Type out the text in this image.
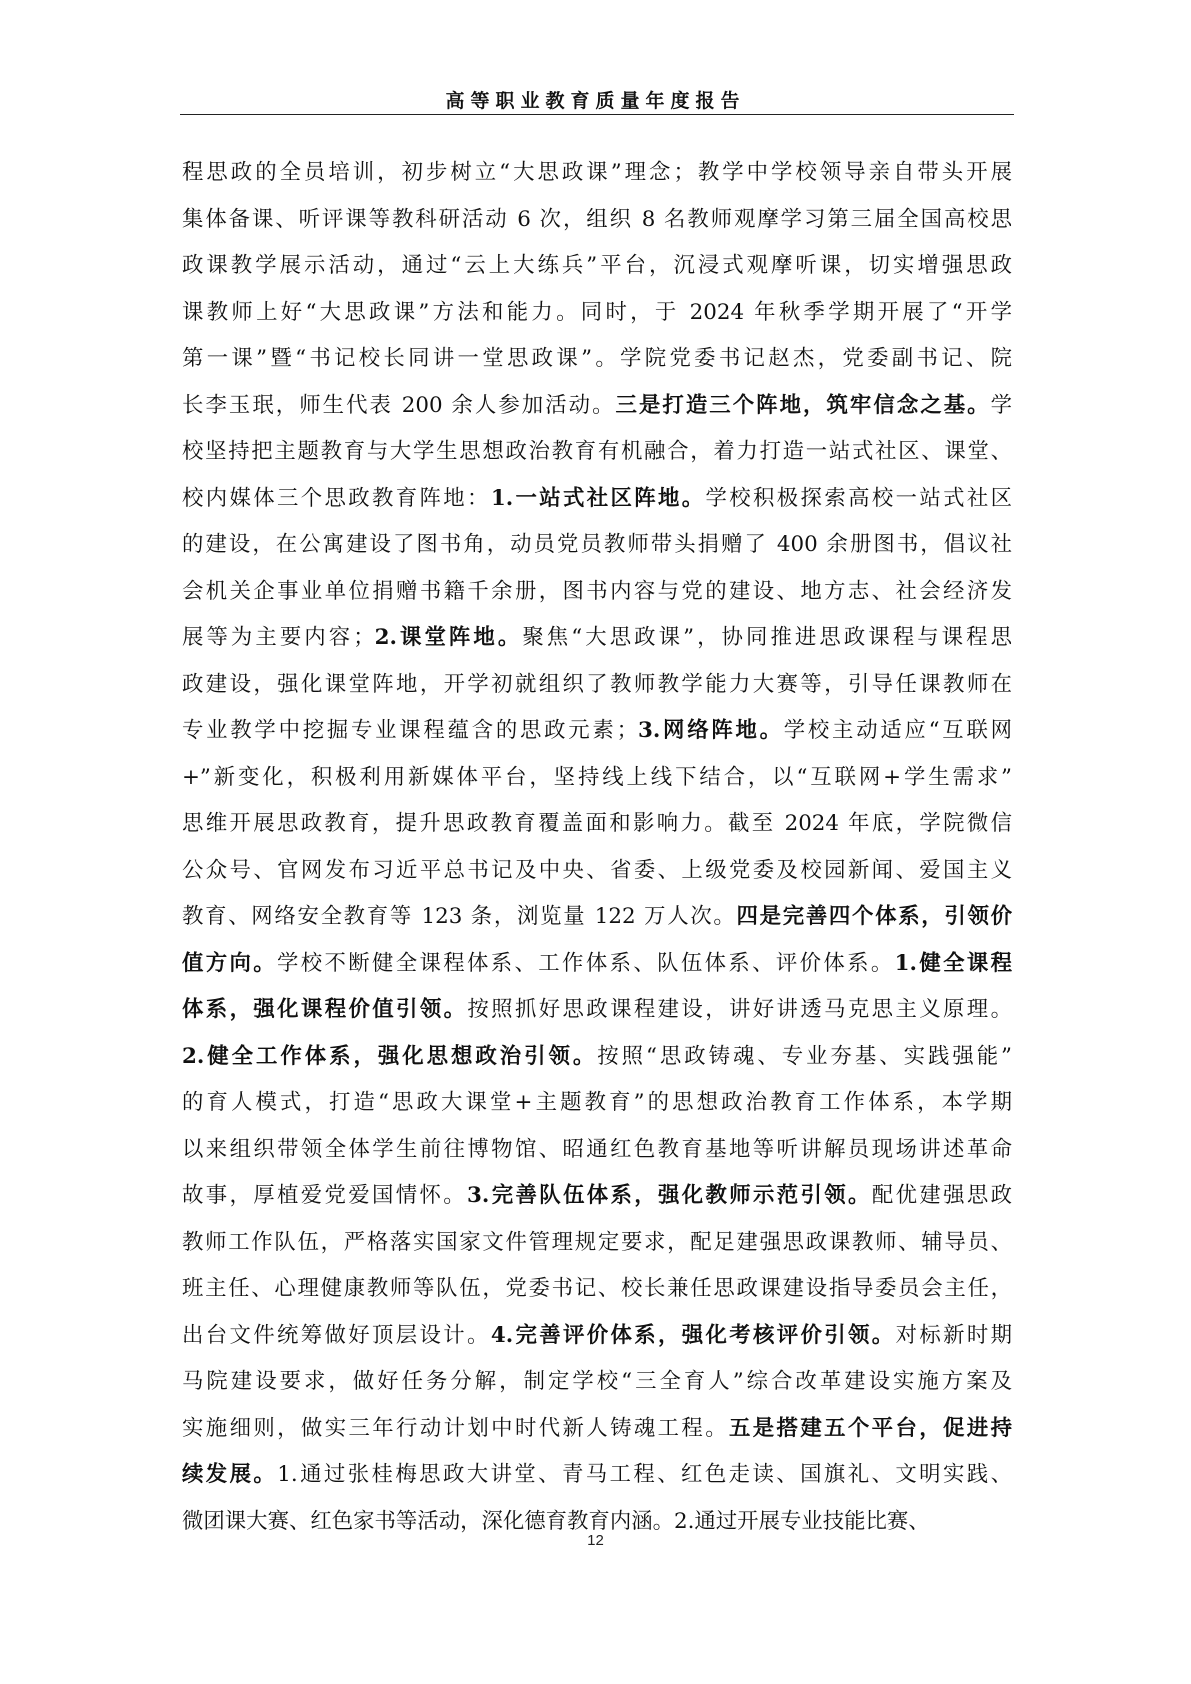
高等职业教育质量年度报告
程思政的全员培训，初步树立“大思政课”理念；教学中学校领导亲自带头开展
集体备课、听评课等教科研活动 6 次，组织 8 名教师观摩学习第三届全国高校思
政课教学展示活动，通过“云上大练兵”平台，沉浸式观摩听课，切实增强思政
课教师上好“大思政课”方法和能力。同时，于 2024 年秋季学期开展了“开学
第一课”暨“书记校长同讲一堂思政课”。学院党委书记赵杰，党委副书记、院
长李玉珉，师生代表 200 余人参加活动。三是打造三个阵地，筑牢信念之基。学
校坚持把主题教育与大学生思想政治教育有机融合，着力打造一站式社区、课堂、
校内媒体三个思政教育阵地：1.一站式社区阵地。学校积极探索高校一站式社区
的建设，在公寓建设了图书角，动员党员教师带头捐赠了 400 余册图书，倡议社
会机关企事业单位捐赠书籍千余册，图书内容与党的建设、地方志、社会经济发
展等为主要内容；2.课堂阵地。聚焦“大思政课”，协同推进思政课程与课程思
政建设，强化课堂阵地，开学初就组织了教师教学能力大赛等，引导任课教师在
专业教学中挖掘专业课程蕴含的思政元素；3.网络阵地。学校主动适应“互联网
+”新变化，积极利用新媒体平台，坚持线上线下结合，以“互联网+学生需求”
思维开展思政教育，提升思政教育覆盖面和影响力。截至 2024 年底，学院微信
公众号、官网发布习近平总书记及中央、省委、上级党委及校园新闻、爱国主义
教育、网络安全教育等 123 条，浏览量 122 万人次。四是完善四个体系，引领价
值方向。学校不断健全课程体系、工作体系、队伍体系、评价体系。1.健全课程
体系，强化课程价值引领。按照抓好思政课程建设，讲好讲透马克思主义原理。
2.健全工作体系，强化思想政治引领。按照“思政铸魂、专业夯基、实践强能”
的育人模式，打造“思政大课堂+主题教育”的思想政治教育工作体系，本学期
以来组织带领全体学生前往博物馆、昭通红色教育基地等听讲解员现场讲述革命
故事，厚植爱党爱国情怀。3.完善队伍体系，强化教师示范引领。配优建强思政
教师工作队伍，严格落实国家文件管理规定要求，配足建强思政课教师、辅导员、
班主任、心理健康教师等队伍，党委书记、校长兼任思政课建设指导委员会主任，
出台文件统筹做好顶层设计。4.完善评价体系，强化考核评价引领。对标新时期
马院建设要求，做好任务分解，制定学校“三全育人”综合改革建设实施方案及
实施细则，做实三年行动计划中时代新人铸魂工程。五是搭建五个平台，促进持
续发展。1.通过张桂梅思政大讲堂、青马工程、红色走读、国旗礼、文明实践、
微团课大赛、红色家书等活动，深化德育教育内涵。2.通过开展专业技能比赛、
12
